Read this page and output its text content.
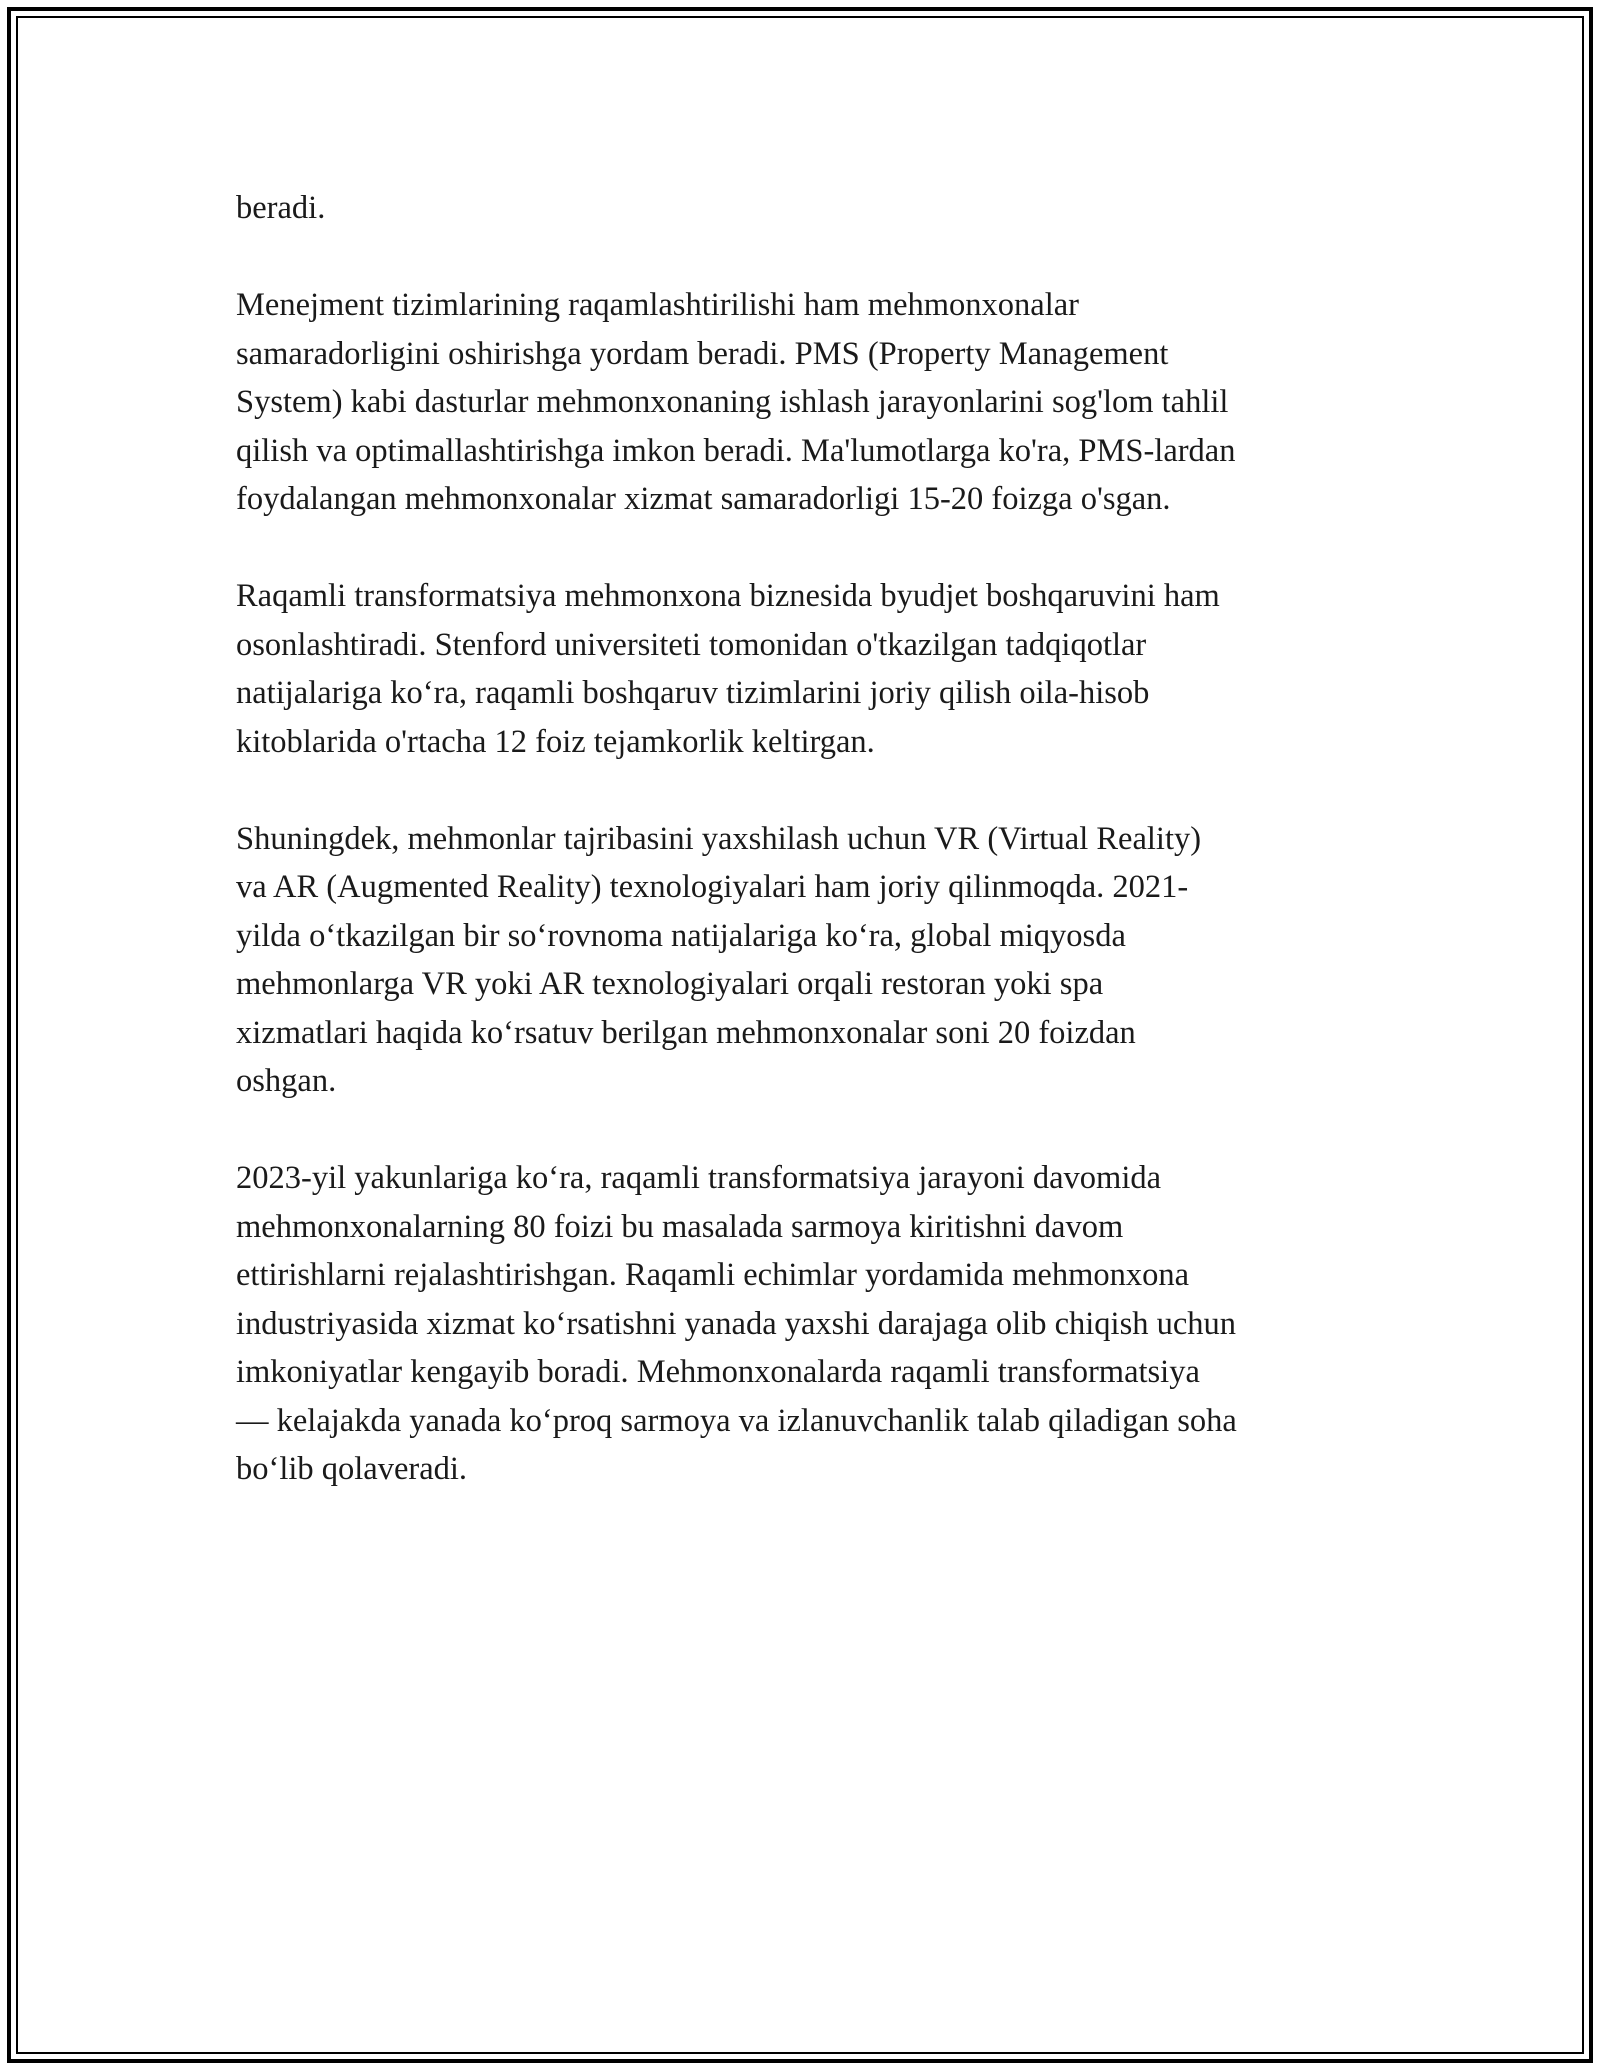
beradi.

Menejment tizimlarining raqamlashtirilishi ham mehmonxonalar
samaradorligini oshirishga yordam beradi. PMS (Property Management
System) kabi dasturlar mehmonxonaning ishlash jarayonlarini sog'lom tahlil
qilish va optimallashtirishga imkon beradi. Ma'lumotlarga ko'ra, PMS-lardan
foydalangan mehmonxonalar xizmat samaradorligi 15-20 foizga o'sgan.

Raqamli transformatsiya mehmonxona biznesida byudjet boshqaruvini ham
osonlashtiradi. Stenford universiteti tomonidan o'tkazilgan tadqiqotlar
natijalariga ko‘ra, raqamli boshqaruv tizimlarini joriy qilish oila-hisob
kitoblarida o'rtacha 12 foiz tejamkorlik keltirgan.

Shuningdek, mehmonlar tajribasini yaxshilash uchun VR (Virtual Reality)
va AR (Augmented Reality) texnologiyalari ham joriy qilinmoqda. 2021-
yilda o‘tkazilgan bir so‘rovnoma natijalariga ko‘ra, global miqyosda
mehmonlarga VR yoki AR texnologiyalari orqali restoran yoki spa
xizmatlari haqida ko‘rsatuv berilgan mehmonxonalar soni 20 foizdan
oshgan.

2023-yil yakunlariga ko‘ra, raqamli transformatsiya jarayoni davomida
mehmonxonalarning 80 foizi bu masalada sarmoya kiritishni davom
ettirishlarni rejalashtirishgan. Raqamli echimlar yordamida mehmonxona
industriyasida xizmat ko‘rsatishni yanada yaxshi darajaga olib chiqish uchun
imkoniyatlar kengayib boradi. Mehmonxonalarda raqamli transformatsiya
— kelajakda yanada ko‘proq sarmoya va izlanuvchanlik talab qiladigan soha
bo‘lib qolaveradi.
